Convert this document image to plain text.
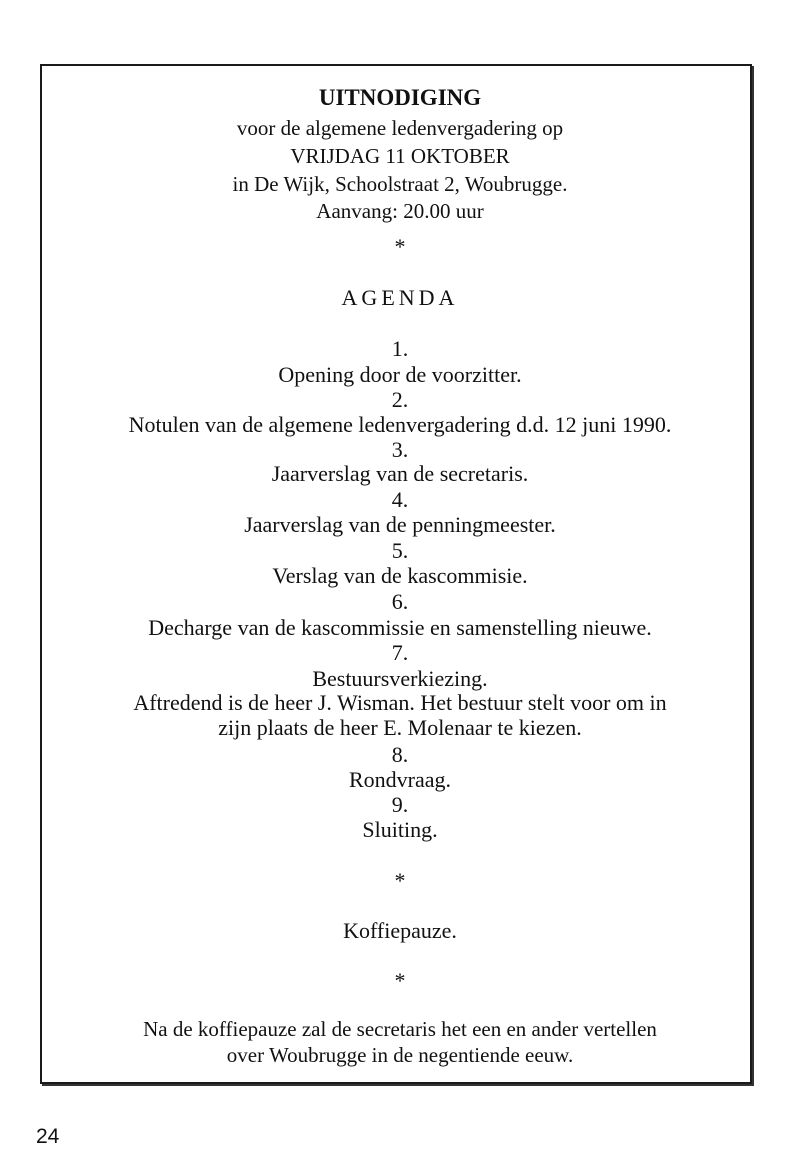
UITNODIGING
voor de algemene ledenvergadering op
VRIJDAG 11 OKTOBER
in De Wijk, Schoolstraat 2, Woubrugge.
Aanvang: 20.00 uur
*
AGENDA
1.
Opening door de voorzitter.
2.
Notulen van de algemene ledenvergadering d.d. 12 juni 1990.
3.
Jaarverslag van de secretaris.
4.
Jaarverslag van de penningmeester.
5.
Verslag van de kascommisie.
6.
Decharge van de kascommissie en samenstelling nieuwe.
7.
Bestuursverkiezing.
Aftredend is de heer J. Wisman. Het bestuur stelt voor om in
zijn plaats de heer E. Molenaar te kiezen.
8.
Rondvraag.
9.
Sluiting.
*
Koffiepauze.
*
Na de koffiepauze zal de secretaris het een en ander vertellen
over Woubrugge in de negentiende eeuw.
24
